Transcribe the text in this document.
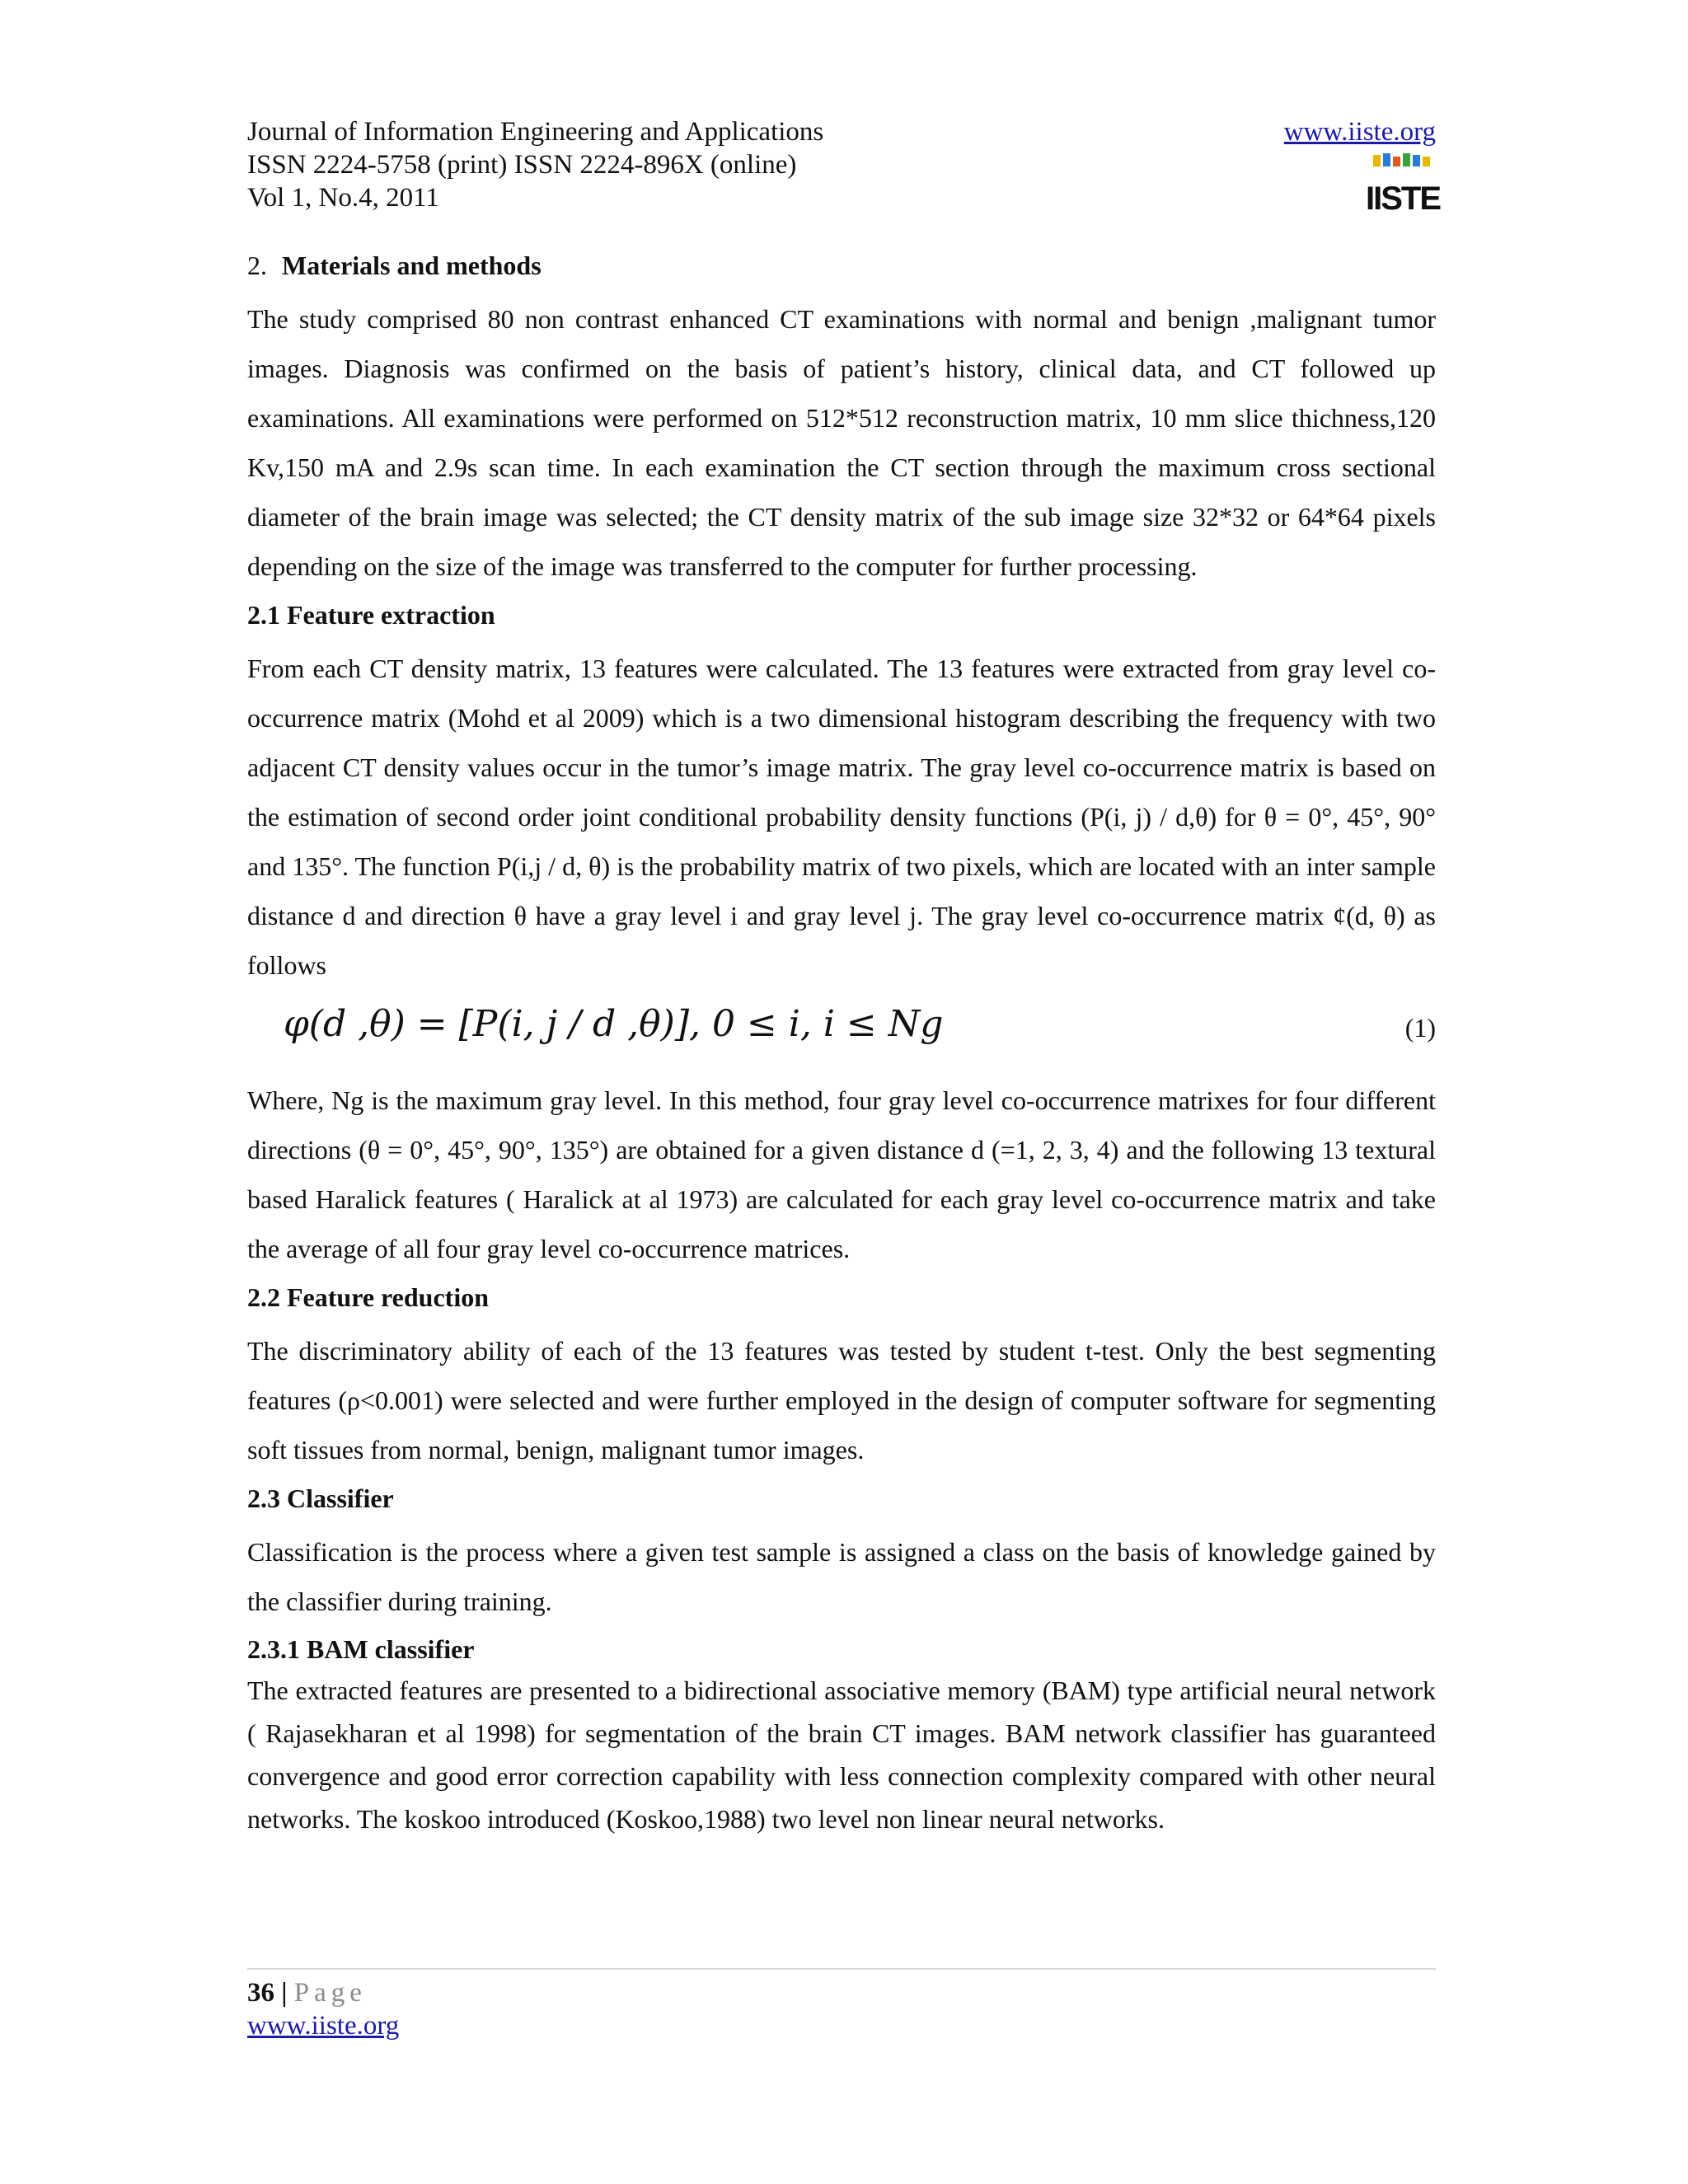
Journal of Information Engineering and Applications
ISSN 2224-5758 (print) ISSN 2224-896X (online)
Vol 1, No.4, 2011
www.iiste.org
IISTE
2. Materials and methods

The study comprised 80 non contrast enhanced CT examinations with normal and benign ,malignant tumor images. Diagnosis was confirmed on the basis of patient’s history, clinical data, and CT followed up examinations. All examinations were performed on 512*512 reconstruction matrix, 10 mm slice thichness,120 Kv,150 mA and 2.9s scan time. In each examination the CT section through the maximum cross sectional diameter of the brain image was selected; the CT density matrix of the sub image size 32*32 or 64*64 pixels depending on the size of the image was transferred to the computer for further processing.

2.1 Feature extraction

From each CT density matrix, 13 features were calculated. The 13 features were extracted from gray level co-occurrence matrix (Mohd et al 2009) which is a two dimensional histogram describing the frequency with two adjacent CT density values occur in the tumor’s image matrix. The gray level co-occurrence matrix is based on the estimation of second order joint conditional probability density functions (P(i, j) / d,θ) for θ = 0°, 45°, 90° and 135°. The function P(i,j / d, θ) is the probability matrix of two pixels, which are located with an inter sample distance d and direction θ have a gray level i and gray level j. The gray level co-occurrence matrix ¢(d, θ) as follows

φ(d ,θ) = [P(i, j / d ,θ)], 0 ≤ i, i ≤ Ng	(1)

Where, Ng is the maximum gray level. In this method, four gray level co-occurrence matrixes for four different directions (θ = 0°, 45°, 90°, 135°) are obtained for a given distance d (=1, 2, 3, 4) and the following 13 textural based Haralick features ( Haralick at al 1973) are calculated for each gray level co-occurrence matrix and take the average of all four gray level co-occurrence matrices.

2.2 Feature reduction

The discriminatory ability of each of the 13 features was tested by student t-test. Only the best segmenting features (ρ<0.001) were selected and were further employed in the design of computer software for segmenting soft tissues from normal, benign, malignant tumor images.

2.3 Classifier

Classification is the process where a given test sample is assigned a class on the basis of knowledge gained by the classifier during training.

2.3.1 BAM classifier

The extracted features are presented to a bidirectional associative memory (BAM) type artificial neural network ( Rajasekharan et al 1998) for segmentation of the brain CT images. BAM network classifier has guaranteed convergence and good error correction capability with less connection complexity compared with other neural networks. The koskoo introduced (Koskoo,1988) two level non linear neural networks.

36 | Page
www.iiste.org
